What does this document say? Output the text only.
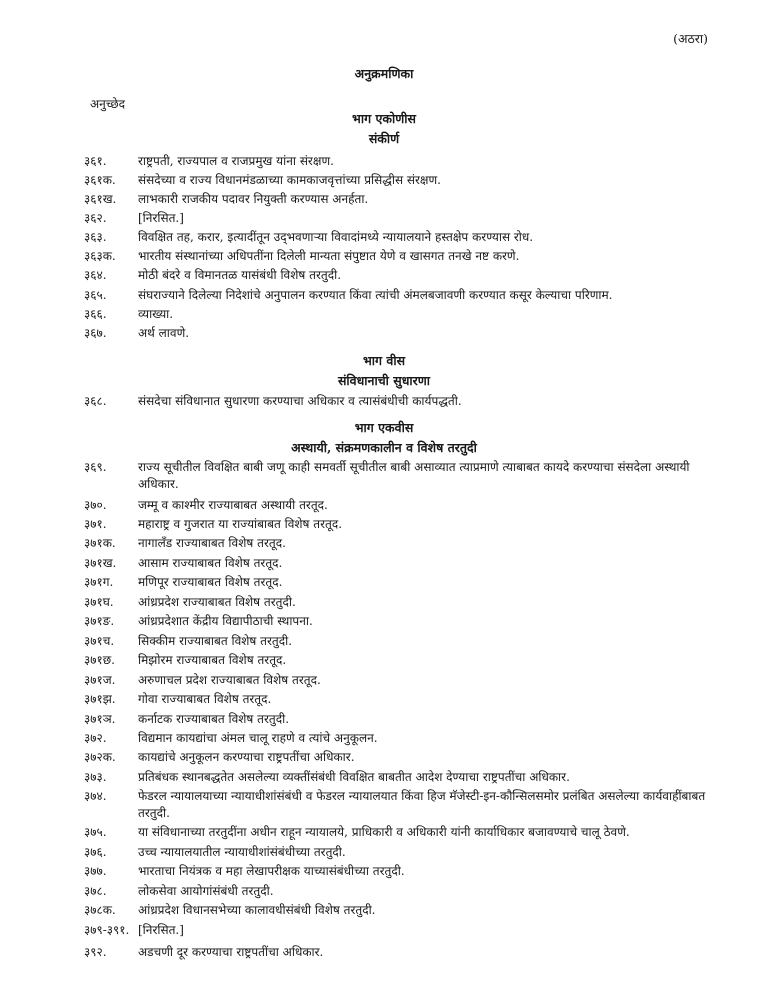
(अठरा)
अनुक्रमणिका
अनुच्छेद
भाग एकोणीस
संकीर्ण
३६१.	राष्ट्रपती, राज्यपाल व राजप्रमुख यांना संरक्षण.
३६१क. संसदेच्या व राज्य विधानमंडळाच्या कामकाजवृत्तांच्या प्रसिद्धीस संरक्षण.
३६१ख. लाभकारी राजकीय पदावर नियुक्ती करण्यास अनर्हता.
३६२.	[निरसित.]
३६३.	विवक्षित तह, करार, इत्यादींतून उद्‌भवणाऱ्या विवादांमध्ये न्यायालयाने हस्तक्षेप करण्यास रोध.
३६३क. भारतीय संस्थानांच्या अधिपतींना दिलेली मान्यता संपुष्टात येणे व खासगत तनखे नष्ट करणे.
३६४.	मोठी बंदरे व विमानतळ यासंबंधी विशेष तरतुदी.
३६५.	संघराज्याने दिलेल्या निदेशांचे अनुपालन करण्यात किंवा त्यांची अंमलबजावणी करण्यात कसूर केल्याचा परिणाम.
३६६.	व्याख्या.
३६७.	अर्थ लावणे.
भाग वीस
संविधानाची सुधारणा
३६८.	संसदेचा संविधानात सुधारणा करण्याचा अधिकार व त्यासंबंधीची कार्यपद्धती.
भाग एकवीस
अस्थायी, संक्रमणकालीन व विशेष तरतुदी
३६९.	राज्य सूचीतील विवक्षित बाबी जणू काही समवर्ती सूचीतील बाबी असाव्यात त्याप्रमाणे त्याबाबत कायदे करण्याचा संसदेला अस्थायी अधिकार.
३७०.	जम्मू व काश्मीर राज्याबाबत अस्थायी तरतूद.
३७१.	महाराष्ट्र व गुजरात या राज्यांबाबत विशेष तरतूद.
३७१क. नागालँड राज्याबाबत विशेष तरतूद.
३७१ख. आसाम राज्याबाबत विशेष तरतूद.
३७१ग. मणिपूर राज्याबाबत विशेष तरतूद.
३७१घ. आंध्रप्रदेश राज्याबाबत विशेष तरतुदी.
३७१ङ. आंध्रप्रदेशात केंद्रीय विद्यापीठाची स्थापना.
३७१च. सिक्कीम राज्याबाबत विशेष तरतुदी.
३७१छ. मिझोरम राज्याबाबत विशेष तरतूद.
३७१ज. अरुणाचल प्रदेश राज्याबाबत विशेष तरतूद.
३७१झ. गोवा राज्याबाबत विशेष तरतूद.
३७१ञ. कर्नाटक राज्याबाबत विशेष तरतुदी.
३७२.	विद्यमान कायद्यांचा अंमल चालू राहणे व त्यांचे अनुकूलन.
३७२क. कायद्यांचे अनुकूलन करण्याचा राष्ट्रपतींचा अधिकार.
३७३.	प्रतिबंधक स्थानबद्धतेत असलेल्या व्यक्तींसंबंधी विवक्षित बाबतीत आदेश देण्याचा राष्ट्रपतींचा अधिकार.
३७४.	फेडरल न्यायालयाच्या न्यायाधीशांसंबंधी व फेडरल न्यायालयात किंवा हिज मॅजेस्टी-इन-कौन्सिलसमोर प्रलंबित असलेल्या कार्यवाहींबाबत तरतुदी.
३७५.	या संविधानाच्या तरतुदींना अधीन राहून न्यायालये, प्राधिकारी व अधिकारी यांनी कार्याधिकार बजावण्याचे चालू ठेवणे.
३७६.	उच्च न्यायालयातील न्यायाधीशांसंबंधीच्या तरतुदी.
३७७.	भारताचा नियंत्रक व महा लेखापरीक्षक याच्यासंबंधीच्या तरतुदी.
३७८.	लोकसेवा आयोगांसंबंधी तरतुदी.
३७८क. आंध्रप्रदेश विधानसभेच्या कालावधीसंबंधी विशेष तरतुदी.
३७९-३९१. [निरसित.]
३९२.	अडचणी दूर करण्याचा राष्ट्रपतींचा अधिकार.
